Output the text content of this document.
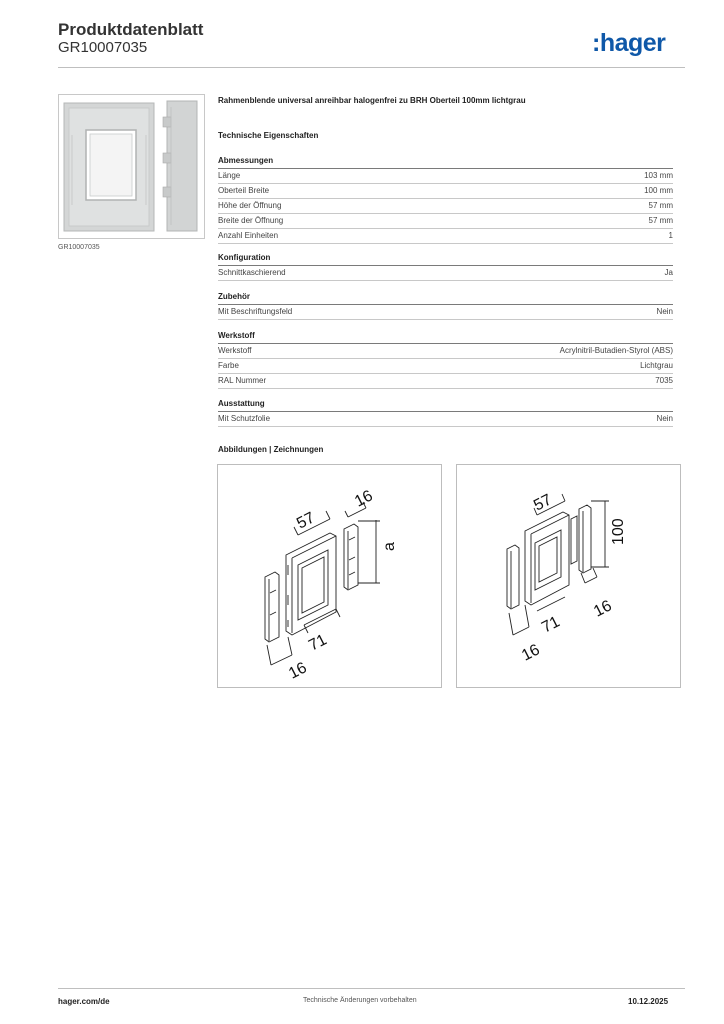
Produktdatenblatt
GR10007035	:hager
GR10007035
Rahmenblende universal anreihbar halogenfrei zu BRH Oberteil 100mm lichtgrau
Technische Eigenschaften
Abmessungen
Länge	103 mm
Oberteil Breite	100 mm
Höhe der Öffnung	57 mm
Breite der Öffnung	57 mm
Anzahl Einheiten	1
Konfiguration
Schnittkaschierend	Ja
Zubehör
Mit Beschriftungsfeld	Nein
Werkstoff
Werkstoff	Acrylnitril-Butadien-Styrol (ABS)
Farbe	Lichtgrau
RAL Nummer	7035
Ausstattung
Mit Schutzfolie	Nein
Abbildungen | Zeichnungen
57
16
a
71
16
57
100
71
16
16
hager.com/de	Technische Änderungen vorbehalten	10.12.2025
